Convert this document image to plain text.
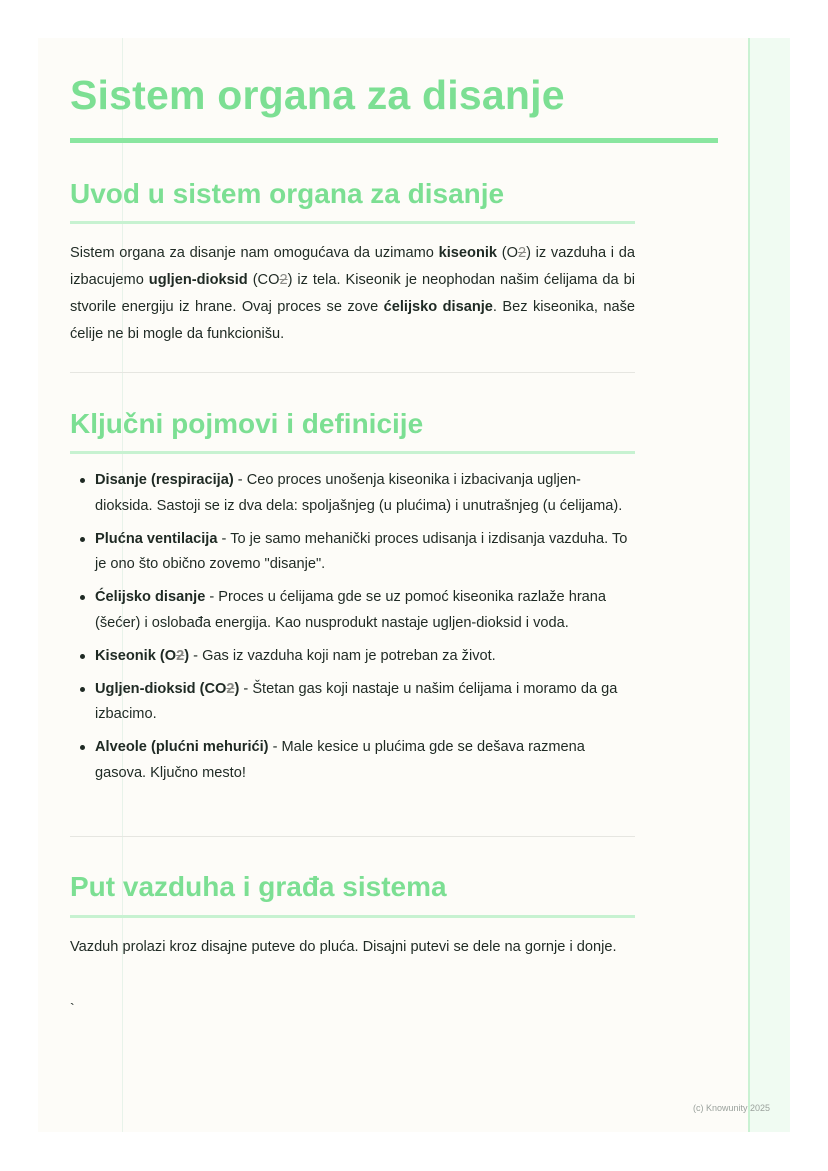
Sistem organa za disanje
Uvod u sistem organa za disanje

Sistem organa za disanje nam omogućava da uzimamo kiseonik (O2) iz vazduha i da izbacujemo ugljen-dioksid (CO2) iz tela. Kiseonik je neophodan našim ćelijama da bi stvorile energiju iz hrane. Ovaj proces se zove ćelijsko disanje. Bez kiseonika, naše ćelije ne bi mogle da funkcionišu.

Ključni pojmovi i definicije
Disanje (respiracija) - Ceo proces unošenja kiseonika i izbacivanja ugljen-dioksida. Sastoji se iz dva dela: spoljašnjeg (u plućima) i unutrašnjeg (u ćelijama).
Plućna ventilacija - To je samo mehanički proces udisanja i izdisanja vazduha. To je ono što obično zovemo "disanje".
Ćelijsko disanje - Proces u ćelijama gde se uz pomoć kiseonika razlaže hrana (šećer) i oslobađa energija. Kao nusprodukt nastaje ugljen-dioksid i voda.
Kiseonik (O2) - Gas iz vazduha koji nam je potreban za život.
Ugljen-dioksid (CO2) - Štetan gas koji nastaje u našim ćelijama i moramo da ga izbacimo.
Alveole (plućni mehurići) - Male kesice u plućima gde se dešava razmena gasova. Ključno mesto!
Put vazduha i građa sistema

Vazduh prolazi kroz disajne puteve do pluća. Disajni putevi se dele na gornje i donje.

`
(c) Knowunity 2025
